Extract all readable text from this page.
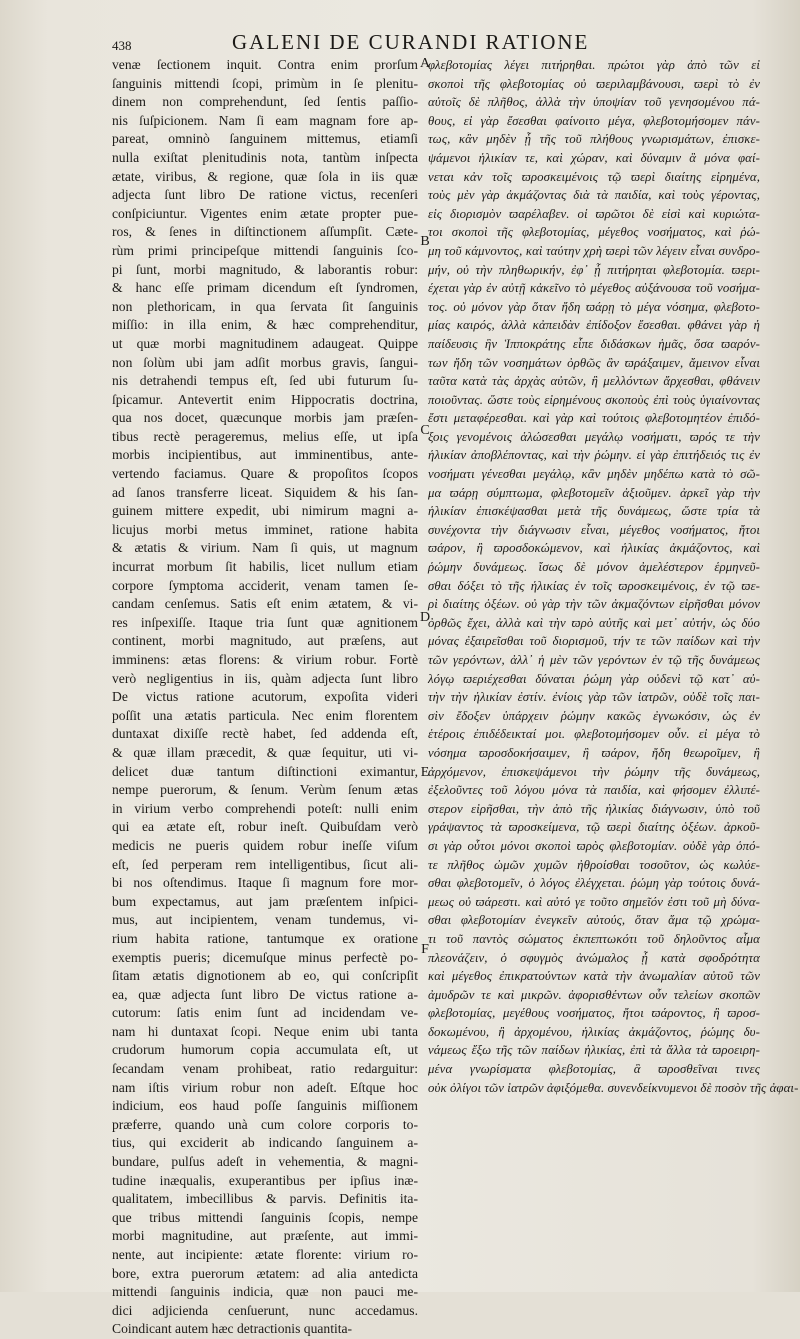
438	GALENI DE CURANDI RATIONE
venæ ſectionem inquit. Contra enim prorſum
ſanguinis mittendi ſcopi, primùm in ſe plenitu-
dinem non comprehendunt, ſed ſentis paſſio-
nis ſuſpicionem. Nam ſi eam magnam fore ap-
pareat, omninò ſanguinem mittemus, etiamſi
nulla exiſtat plenitudinis nota, tantùm inſpecta
ætate, viribus, & regione, quæ ſola in iis quæ
adjecta ſunt libro De ratione victus, recenſeri
conſpiciuntur. Vigentes enim ætate propter pue-
ros, & ſenes in diſtinctionem aſſumpſit. Cæte-
rùm primi principeſque mittendi ſanguinis ſco-
pi ſunt, morbi magnitudo, & laborantis robur:
& hanc eſſe primam dicendum eſt ſyndromen,
non plethoricam, in qua ſervata ſit ſanguinis
miſſio: in illa enim, & hæc comprehenditur,
ut quæ morbi magnitudinem adaugeat. Quippe
non ſolùm ubi jam adſit morbus gravis, ſangui-
nis detrahendi tempus eſt, ſed ubi futurum ſu-
ſpicamur. Antevertit enim Hippocratis doctrina,
qua nos docet, quæcunque morbis jam præſen-
tibus rectè perageremus, melius eſſe, ut ipſa
morbis incipientibus, aut imminentibus, ante-
vertendo faciamus. Quare & propoſitos ſcopos
ad ſanos transferre liceat. Siquidem & his ſan-
guinem mittere expedit, ubi nimirum magni a-
licujus morbi metus imminet, ratione habita
& ætatis & virium. Nam ſi quis, ut magnum
incurrat morbum ſit habilis, licet nullum etiam
corpore ſymptoma acciderit, venam tamen ſe-
candam cenſemus. Satis eſt enim ætatem, & vi-
res inſpexiſſe. Itaque tria ſunt quæ agnitionem
continent, morbi magnitudo, aut præſens, aut
imminens: ætas florens: & virium robur. Fortè
verò negligentius in iis, quàm adjecta ſunt libro
De victus ratione acutorum, expoſita videri
poſſit una ætatis particula. Nec enim florentem
duntaxat dixiſſe rectè habet, ſed addenda eſt,
& quæ illam præcedit, & quæ ſequitur, uti vi-
delicet duæ tantum diſtinctioni eximantur,
nempe puerorum, & ſenum. Verùm ſenum ætas
in virium verbo comprehendi poteſt: nulli enim
qui ea ætate eſt, robur ineſt. Quibuſdam verò
medicis ne pueris quidem robur ineſſe viſum
eſt, ſed perperam rem intelligentibus, ſicut ali-
bi nos oſtendimus. Itaque ſi magnum fore mor-
bum expectamus, aut jam præſentem inſpici-
mus, aut incipientem, venam tundemus, vi-
rium habita ratione, tantumque ex oratione
exemptis pueris; dicemuſque minus perfectè po-
ſitam ætatis dignotionem ab eo, qui conſcripſit
ea, quæ adjecta ſunt libro De victus ratione a-
cutorum: ſatis enim ſunt ad incidendam ve-
nam hi duntaxat ſcopi. Neque enim ubi tanta
crudorum humorum copia accumulata eſt, ut
ſecandam venam prohibeat, ratio redarguitur:
nam iſtis virium robur non adeſt. Eſtque hoc
indicium, eos haud poſſe ſanguinis miſſionem
præferre, quando unà cum colore corporis to-
tius, qui exciderit ab indicando ſanguinem a-
bundare, pulſus adeſt in vehementia, & magni-
tudine inæqualis, exuperantibus per ipſius inæ-
qualitatem, imbecillibus & parvis. Definitis ita-
que tribus mittendi ſanguinis ſcopis, nempe
morbi magnitudine, aut præſente, aut immi-
nente, aut incipiente: ætate florente: virium ro-
bore, extra puerorum ætatem: ad alia antedicta
mittendi ſanguinis indicia, quæ non pauci me-
dici adjicienda cenſuerunt, nunc accedamus.
Coindicant autem hæc detractionis quantita-
φλεβοτομίας λέγει πιτήρηθαι. πρώτοι γὰρ ἀπὸ τῶν εἰ
σκοποὶ τῆς φλεβοτομίας οὐ ϖεριλαμβάνουσι, ϖερὶ τὸ ἐν
αὐτοῖς δὲ πλῆθος, ἀλλὰ τὴν ὑποψίαν τοῦ γενησομένου πά-
θους, εἰ γὰρ ἔσεσθαι φαίνοιτο μέγα, φλεβοτομήσομεν πάν-
τως, κἂν μηδὲν ᾖ τῆς τοῦ πλήθους γνωρισμάτων, ἐπισκε-
ψάμενοι ἡλικίαν τε, καὶ χώραν, καὶ δύναμιν ἃ μόνα φαί-
νεται κἀν τοῖς ϖροσκειμένοις τῷ ϖερὶ διαίτης εἰρημένα,
τοὺς μὲν γὰρ ἀκμάζοντας διὰ τὰ παιδία, καὶ τοὺς γέροντας,
εἰς διορισμὸν ϖαρέλαβεν. οἱ ϖρῶτοι δὲ εἰσὶ καὶ κυριώτα-
τοι σκοποὶ τῆς φλεβοτομίας, μέγεθος νοσήματος, καὶ ῥώ-
μη τοῦ κάμνοντος, καὶ ταύτην χρὴ ϖερὶ τῶν λέγειν εἶναι συνδρο-
μήν, οὐ τὴν πληθωρικήν, ἐφ᾽ ᾗ πιτήρηται φλεβοτομία. ϖερι-
έχεται γὰρ ἐν αὐτῇ κἀκεῖνο τὸ μέγεθος αὐξάνουσα τοῦ νοσήμα-
τος. οὐ μόνον γὰρ ὅταν ἤδη ϖάρῃ τὸ μέγα νόσημα, φλεβοτο-
μίας καιρός, ἀλλὰ κἀπειδὰν ἐπίδοξον ἔσεσθαι. φθάνει γὰρ ἡ
παίδευσις ἣν Ἱπποκράτης εἶπε διδάσκων ἡμᾶς, ὅσα ϖαρόν-
των ἤδη τῶν νοσημάτων ὀρθῶς ἂν ϖράξαιμεν, ἄμεινον εἶναι
ταῦτα κατὰ τὰς ἀρχὰς αὐτῶν, ἢ μελλόντων ἄρχεσθαι, φθάνειν
ποιοῦντας. ὥστε τοὺς εἰρημένους σκοποὺς ἐπὶ τοὺς ὑγιαίνοντας
ἔστι μεταφέρεσθαι. καὶ γὰρ καὶ τούτοις φλεβοτομητέον ἐπιδό-
ξοις γενομένοις ἁλώσεσθαι μεγάλῳ νοσήματι, ϖρός τε τὴν
ἡλικίαν ἀποβλέποντας, καὶ τὴν ῥώμην. εἰ γὰρ ἐπιτήδειός τις ἐν
νοσήματι γένεσθαι μεγάλῳ, κἂν μηδὲν μηδέπω κατὰ τὸ σῶ-
μα ϖάρῃ σύμπτωμα, φλεβοτομεῖν ἀξιοῦμεν. ἀρκεῖ γὰρ τὴν
ἡλικίαν ἐπισκέψασθαι μετὰ τῆς δυνάμεως, ὥστε τρία τὰ
συνέχοντα τὴν διάγνωσιν εἶναι, μέγεθος νοσήματος, ἤτοι
ϖάρον, ἢ ϖροσδοκώμενον, καὶ ἡλικίας ἀκμάζοντος, καὶ
ῥώμην δυνάμεως. ἴσως δὲ μόνον ἀμελέστερον ἑρμηνεῦ-
σθαι δόξει τὸ τῆς ἡλικίας ἐν τοῖς ϖροσκειμένοις, ἐν τῷ ϖε-
ρὶ διαίτης ὀξέων. οὐ γὰρ τὴν τῶν ἀκμαζόντων εἰρῆσθαι μόνον
ὀρθῶς ἔχει, ἀλλὰ καὶ τὴν ϖρὸ αὐτῆς καὶ μετ᾽ αὐτήν, ὡς δύο
μόνας ἐξαιρεῖσθαι τοῦ διορισμοῦ, τήν τε τῶν παίδων καὶ τὴν
τῶν γερόντων, ἀλλ᾽ ἡ μὲν τῶν γερόντων ἐν τῷ τῆς δυνάμεως
λόγῳ ϖεριέχεσθαι δύναται ῥώμη γὰρ οὐδενὶ τῷ κατ᾽ αὐ-
τὴν τὴν ἡλικίαν ἐστίν. ἐνίοις γὰρ τῶν ἰατρῶν, οὐδὲ τοῖς παι-
σὶν ἔδοξεν ὑπάρχειν ῥώμην κακῶς ἐγνωκόσιν, ὡς ἐν
ἑτέροις ἐπιδέδεικταί μοι. φλεβοτομήσομεν οὖν. εἰ μέγα τὸ
νόσημα ϖροσδοκήσαιμεν, ἢ ϖάρον, ἤδη θεωροῖμεν, ἢ
ἀρχόμενον, ἐπισκεψάμενοι τὴν ῥώμην τῆς δυνάμεως,
ἐξελοῦντες τοῦ λόγου μόνα τὰ παιδία, καὶ φήσομεν ἐλλιπέ-
στερον εἰρῆσθαι, τὴν ἀπὸ τῆς ἡλικίας διάγνωσιν, ὑπὸ τοῦ
γράψαντος τὰ ϖροσκείμενα, τῷ ϖερὶ διαίτης ὀξέων. ἀρκοῦ-
σι γὰρ οὗτοι μόνοι σκοποὶ ϖρὸς φλεβοτομίαν. οὐδὲ γὰρ ὁπό-
τε πλῆθος ὠμῶν χυμῶν ἠθροίσθαι τοσοῦτον, ὡς κωλύε-
σθαι φλεβοτομεῖν, ὁ λόγος ἐλέγχεται. ῥώμη γὰρ τούτοις δυνά-
μεως οὐ ϖάρεστι. καὶ αὐτό γε τοῦτο σημεῖόν ἐστι τοῦ μὴ δύνα-
σθαι φλεβοτομίαν ἐνεγκεῖν αὐτούς, ὅταν ἅμα τῷ χρώμα-
τι τοῦ παντὸς σώματος ἐκπεπτωκότι τοῦ δηλοῦντος αἷμα
πλεονάζειν, ὁ σφυγμὸς ἀνώμαλος ᾖ κατὰ σφοδρότητα
καὶ μέγεθος ἐπικρατούντων κατὰ τὴν ἀνωμαλίαν αὐτοῦ τῶν
ἀμυδρῶν τε καὶ μικρῶν. ἀφορισθέντων οὖν τελείων σκοπῶν
φλεβοτομίας, μεγέθους νοσήματος, ἤτοι ϖάροντος, ἢ ϖροσ-
δοκωμένου, ἢ ἀρχομένου, ἡλικίας ἀκμάζοντος, ῥώμης δυ-
νάμεως ἔξω τῆς τῶν παίδων ἡλικίας, ἐπὶ τὰ ἄλλα τὰ ϖροειρη-
μένα γνωρίσματα φλεβοτομίας, ἃ ϖροσθεῖναι τινες
οὐκ ὀλίγοι τῶν ἰατρῶν ἀφιξόμεθα. συνενδείκνυμενοι δὲ ποσὸν τῆς ἀφαι-
A
B
C
D
E
F
